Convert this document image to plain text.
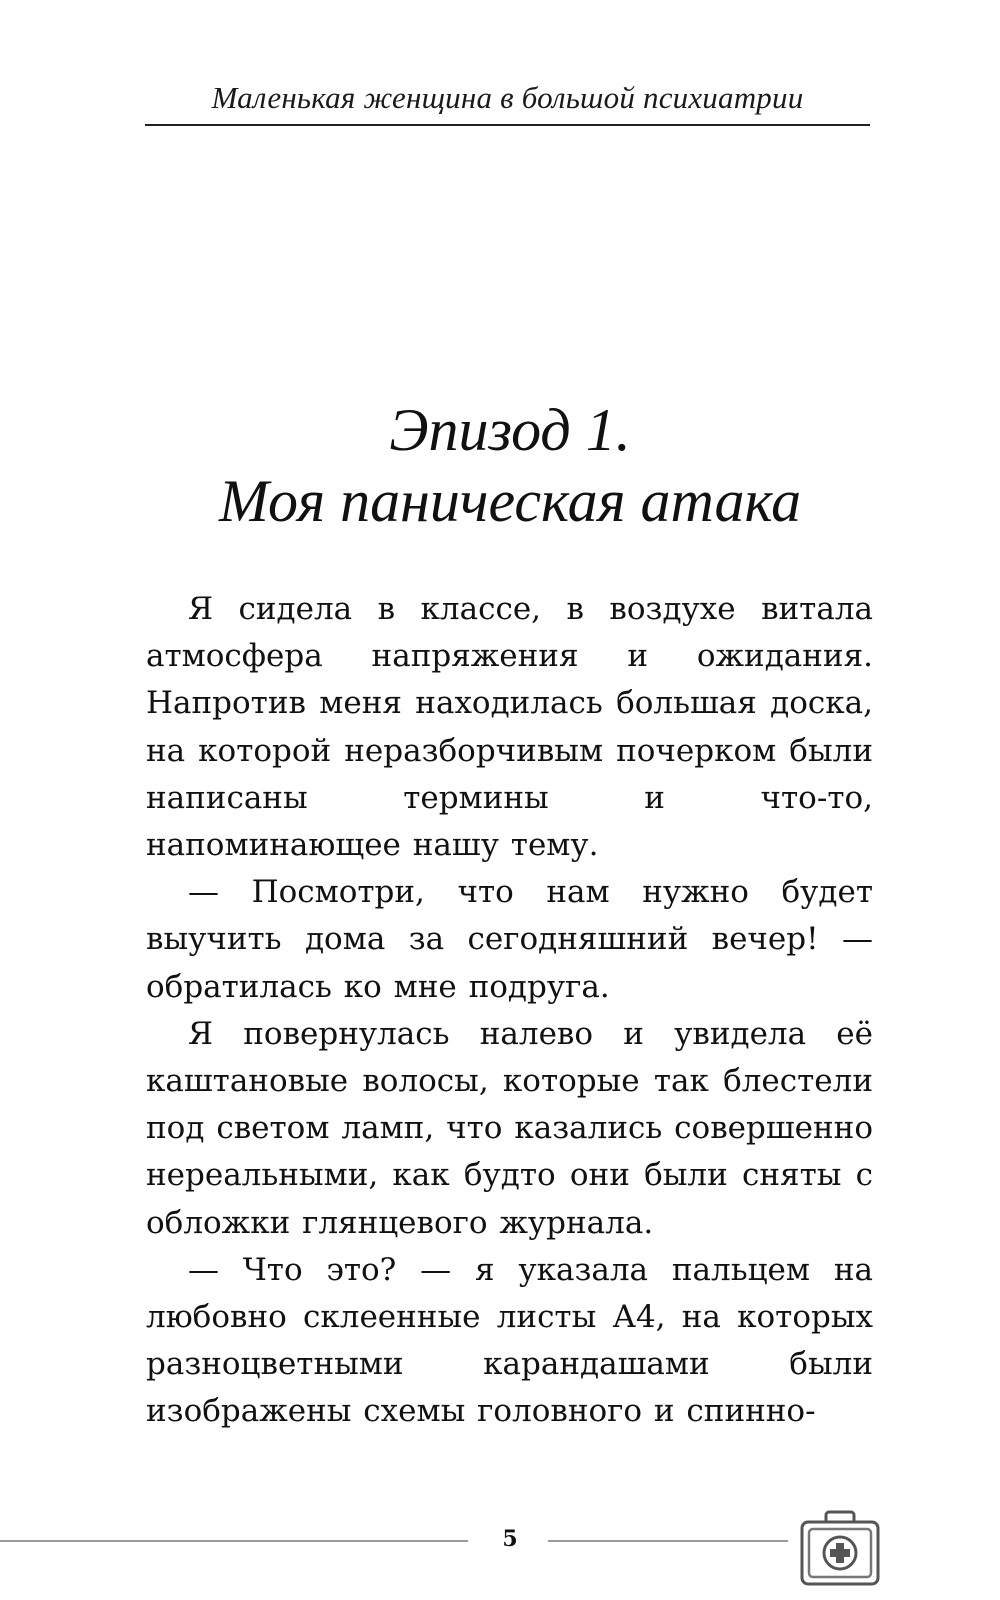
Маленькая женщина в большой психиатрии
Эпизод 1.
Моя паническая атака

Я сидела в классе, в воздухе витала атмосфера напряжения и ожидания. Напротив меня находилась большая доска, на которой неразборчивым почерком были написаны термины и что-то, напоминающее нашу тему.

— Посмотри, что нам нужно будет выучить дома за сегодняшний вечер! — обратилась ко мне подруга.

Я повернулась налево и увидела её каштановые волосы, которые так блестели под светом ламп, что казались совершенно нереальными, как будто они были сняты с обложки глянцевого журнала.

— Что это? — я указала пальцем на любовно склеенные листы А4, на которых разноцветными карандашами были изображены схемы головного и спинно-

5
